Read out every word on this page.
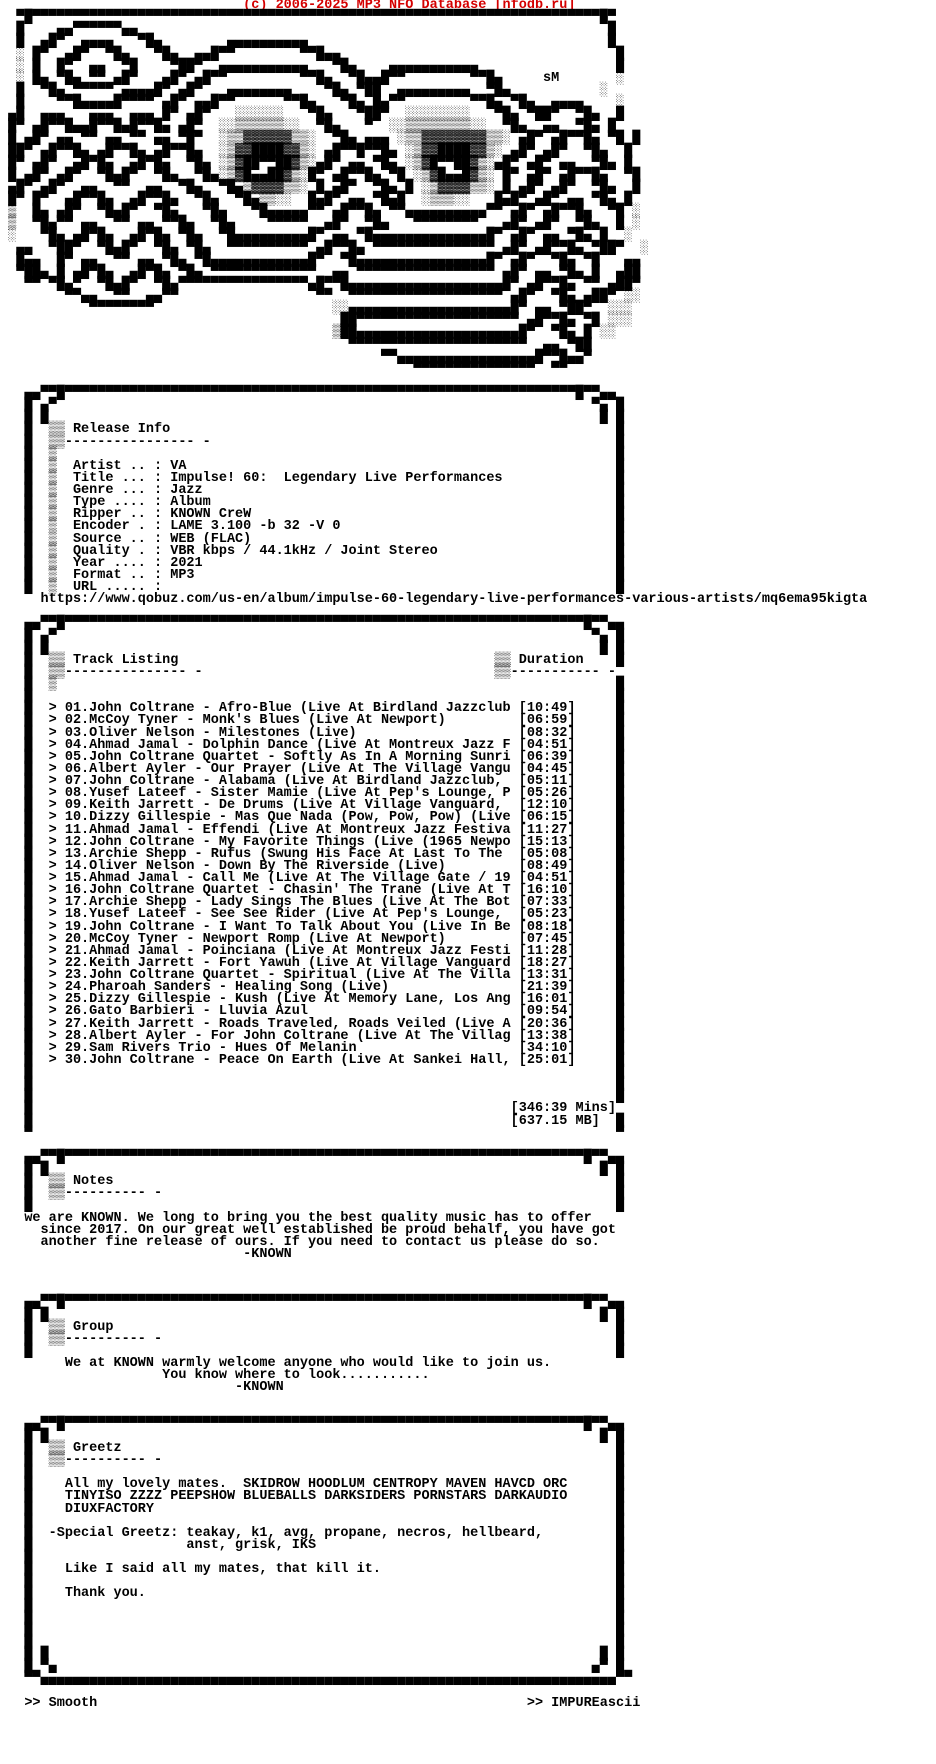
(c) 2006-2025 MP3 NFO Database [nfodb.ru]
▀█▀▀▀▀▀▀▀▀▀▀▀▀▀▀▀▀▀▀▀▀▀▀▀▀▀▀▀▀▀▀▀▀▀▀▀▀▀▀▀▀▀▀▀▀▀▀▀▀▀▀▀▀▀▀▀▀▀▀▀▀▀▀▀▀▀▀▀▀▀▀█▀
█    ▄▄▀▀▀▀▀▀▄▄                                                          █
█  ▄█▀  ▄▄▄▄   ▀█▄        ▄▄▄▄▄▄▄▄▄▄                                     █
░ █▀  ▄█▀  ▀█▄   ▀█▄  ▄▄█▀▀        ▀▀█▄▄                                  █
░ █  █▀  ▄▄  ▀█    ▀██▀  ▄▄▄▄▄▄▄▄▄▄▄   ▀█▄    ▄▄▄▄▄▄▄▄▄▄▄                 █
░ █▄ ▀█▄ ▀▀ ▄█▀   ▄█▀ ▄█▀▀         ▀▀█▄  ▀█▄▄█▀▀        ▀▀█▄     sM       ░
█  ▀█▄ ▀▀▀▀▀ ▄▄▄▄█▀ ▄█▀   ▄▄▄▄▄▄▄▄    ▀█▄ ▀██  ▄▄▄▄▄▄▄▄▄  ▀█▄           ░
█    ▀▀█▄▄▄▄█▀▀▀▀ ▄█▀ ▄▄█▀▀      ▀▀█▄   ▀█▄ █▄▀▀        ▀▀█▄ ▀█▄  ▄▄▄▄    ░
▄█  ▄▄▄   ▄▄▄  ▄▄▄ █▀ ▄█▀   ░░░░░░   ▀█▄   ▀██▀  ░░░░░░░░   ▀█▄ ▀██▀  ▀█▄  █
█▀ ▄█▀▀█▄▄█▀▀█▄█▀▀█▄ ▄█▀  ░░▒▒▒▒▒▒░░  ▀█▄   ▀  ░░▒▒▒▒▒▒▒▒░░  ▀█▄  ▄▄  ▀█▄ █
█ ▄█▀ ▄▄ ▀▀ ▄▄ ▀▀ ▄▄ ▀█▀  ░▒▒▓▓▓▓▓▓▒▒░  ▀█▄ ▄▄▄ ░▒▒▓▓▓▓▓▓▓▓▒▒░ ▄█▀ ▄█▀▀█▄ ▀█ █
██▀ ▄█▀▀█▄ ▄█▀▀█▄ ▄█▀▀█▄  ░▒▓▓████▓▓▒░ ▄█▀▀█▀▀█▄ ░▒▓▓████▓▓▒░ ▄█▀ ▄█▀  ▀█▄  █
█▀ ▄█▀  ▄█▀█▄  ▄█▀█▄  ▀█▄ ░▒▓██▀▀██▓▒░▄█▀ ▄▄ ▀█▄ ░▒▓█▀▀██▓▒░▄█▀ ▄█▀ ▄▄  ▀█▄ █
█ ▄█▀ ▄█▀  ▀█▄█▀  ▀█▄  ▀█▄░▒▓█▄▄██▓▒░█▀ ▄█▀▀█▄ ▀█ ░▒▓█▄▄█▓▒░ █▀ ▄█▀ ▄█▀▀█▄  ▀█
▄█▀ ▄█▀  ▄▄  ▀▀  ▄▄  ▀█▄  ▀█▄▒▓▓▓▓▒▒░ █ ▄█▀  ▀█▄ █ ░▒▓▓▓▓▒▒░ █ ▄█▀ ▄█▀  ▀█▄  █
█▀ █▀  ▄█▀▀█▄  ▄█▀▀█▄  ▀█▄  ▀█▄▒▒░░  █▄█▀ ▄▄ ▀█▄█  ░▒▒▒░░   █▄█▀ ▄█▀ ▄▄ ▀█▄ █
▒  █▄ ▄█▀  ▀█▄█▀  ▀█▄   ▀█▄   ▀█▄▄▄▄▄▀▀ ▄█▀▀█▄ ▀▀▄▄▄▄▄▄▄▄▄▄▀▀ ▄█▀ ▄█▀▀█▄  ▀█ ░
▒  ▀█▄▀▀ ▄▄  ▀▀ ▄▄ ▀▀█▄  ▀█▄    ▀▀▀▀▀  ▄█▀  ▀█▄   ▀▀▀▀▀▀▀▀   ▄█▀ ▄█▀  ▀█▄  █ ░
░   ▀█▄ ▄█▀█▄  ▄█▀█▄ ▀█▄  ▀█▄▄▄▄▄▄▄▄▄█▀ ▄▄ ▀█▄▄▄▄▄▄▄▄▄▄▄▄▄▄█▀ ▄█▀ ▄▄ ▀█▄ █  ░
▄▄  ▀██▀  ▀█▄█▀  ▀█▄ ▀█▄  ▀▀▀▀▀▀▀▀▀▀ ▄█▀▀█▄ ▀▀▀▀▀▀▀▀▀▀▀▀▀▀▀ ▄█▀ ▄█▀▀█▄ ▀██▀  ░
█▄▄  █▀ ▄▄  ▀▀ ▄▄ ▀█▄ ▀█▄▄▄▄▄▄▄▄▄▄▄▄█▀  ▀█▄▄▄▄▄▄▄▄▄▄▄▄▄▄▄▄█▀ ▄█▀  ▀█▄ ▀█   ▄▄
▀██▄ █ ▄█▀█▄  ▄█▀█▄ ▀█▄ ▀▀▀▀▀▀▀▀▀▀▀▀▀  ▄▄ ▀▀▀▀▀▀▀▀▀▀▀▀▀▀▀▀▀ ▄█▀ ▄▄ ▀█▄ █  ▄██
▀▀ ▀█▄▀  ▀█▄█▀  ▀█▄▀▀▀▀▀▀▀▀▀▀▀▀▀▀▀▀▄█▀▀█▄▄▄▄▄▄▄▄▄▄▄▄▄▄▄▄▄▄▄█▀ ▄█▀▀█▄ ▀▀ ▄██▀
▀▀▄▄  ▀▀  ▄▄▀▀                 ▀▀  ▀▀▀▀▀▀▀▀▀▀▀▀▀▀▀▀▀▀▀ ▄█▀  ▀█▄ ▄██▀ ░░
▀▀▀▀▀▀▀▀                      ░░▄▄▄▄▄▄▄▄▄▄▄▄▄▄▄▄▄▄▄▄█▀ ▄▄ ▀██▀  ░░░
██▀▀▀▀▀▀▀▀▀▀▀▀▀▀▀▀▀▀▀▀ ▄█▀▀█▄ ▀█ ░░░
▒██▄▄▄▄▄▄▄▄▄▄▄▄▄▄▄▄▄▄▄▄█▀  ▀█▄ █ ░░
▀▀▀▀▀▀▀▀▀▀▀▀▀▀▀▀▀▀▀▀▀▀  ▄▄ ▀██
▀▀▄▄▄▄▄▄▄▄▄▄▄▄▄▄▄▄▄█▀▀█▄▄▀
▀▀▀▀▀▀▀▀▀▀▀▀▀▀▀  ▀▀

▄▄▀▀█▀▀▀▀▀▀▀▀▀▀▀▀▀▀▀▀▀▀▀▀▀▀▀▀▀▀▀▀▀▀▀▀▀▀▀▀▀▀▀▀▀▀▀▀▀▀▀▀▀▀▀▀▀▀▀▀▀▀▀▀▀▀▀█▀▀▄▄
█ ▄▀                                                                  ▀▄ █
█ █                                                                    █ █
█  ▒▒ Release Info                                                       █
█  ▒▒---------------- -                                                  █
█  ▒                                                                     █
█  ▒  Artist .. : VA                                                     █
█  ▒  Title ... : Impulse! 60:  Legendary Live Performances              █
█  ▒  Genre ... : Jazz                                                   █
█  ▒  Type .... : Album                                                  █
█  ▒  Ripper .. : KNOWN CreW                                             █
█  ▒  Encoder . : LAME 3.100 -b 32 -V 0                                  █
█  ▒  Source .. : WEB (FLAC)                                             █
█  ▒  Quality . : VBR kbps / 44.1kHz / Joint Stereo                      █
█  ▒  Year .... : 2021                                                   █
█  ▒  Format .. : MP3                                                    █
█  ▒  URL ..... :                                                        █
https://www.qobuz.com/us-en/album/impulse-60-legendary-live-performances-various-artists/mq6ema95kigta

▄▄▀▀█▀▀▀▀▀▀▀▀▀▀▀▀▀▀▀▀▀▀▀▀▀▀▀▀▀▀▀▀▀▀▀▀▀▀▀▀▀▀▀▀▀▀▀▀▀▀▀▀▀▀▀▀▀▀▀▀▀▀▀▀▀▀▀▀█▀▀▄▄
█ ▄▀                                                                  ▀▄ █
█ █                                                                    █ █
█  ▒▒ Track Listing                                       ▒▒ Duration    █
█  ▒▒--------------- -                                    ▒▒----------- -
█  ▒                                                                     █
█                                                                        █
█  > 01.John Coltrane - Afro-Blue (Live At Birdland Jazzclub [10:49]     █
█  > 02.McCoy Tyner - Monk's Blues (Live At Newport)         [06:59]     █
█  > 03.Oliver Nelson - Milestones (Live)                    [08:32]     █
█  > 04.Ahmad Jamal - Dolphin Dance (Live At Montreux Jazz F [04:51]     █
█  > 05.John Coltrane Quartet - Softly As In A Morning Sunri [06:39]     █
█  > 06.Albert Ayler - Our Prayer (Live At The Village Vangu [04:45]     █
█  > 07.John Coltrane - Alabama (Live At Birdland Jazzclub,  [05:11]     █
█  > 08.Yusef Lateef - Sister Mamie (Live At Pep's Lounge, P [05:26]     █
█  > 09.Keith Jarrett - De Drums (Live At Village Vanguard,  [12:10]     █
█  > 10.Dizzy Gillespie - Mas Que Nada (Pow, Pow, Pow) (Live [06:15]     █
█  > 11.Ahmad Jamal - Effendi (Live At Montreux Jazz Festiva [11:27]     █
█  > 12.John Coltrane - My Favorite Things (Live (1965 Newpo [15:13]     █
█  > 13.Archie Shepp - Rufus (Swung His Face At Last To The  [05:08]     █
█  > 14.Oliver Nelson - Down By The Riverside (Live)         [08:49]     █
█  > 15.Ahmad Jamal - Call Me (Live At The Village Gate / 19 [04:51]     █
█  > 16.John Coltrane Quartet - Chasin' The Trane (Live At T [16:10]     █
█  > 17.Archie Shepp - Lady Sings The Blues (Live At The Bot [07:33]     █
█  > 18.Yusef Lateef - See See Rider (Live At Pep's Lounge,  [05:23]     █
█  > 19.John Coltrane - I Want To Talk About You (Live In Be [08:18]     █
█  > 20.McCoy Tyner - Newport Romp (Live At Newport)         [07:45]     █
█  > 21.Ahmad Jamal - Poinciana (Live At Montreux Jazz Festi [11:28]     █
█  > 22.Keith Jarrett - Fort Yawuh (Live At Village Vanguard [18:27]     █
█  > 23.John Coltrane Quartet - Spiritual (Live At The Villa [13:31]     █
█  > 24.Pharoah Sanders - Healing Song (Live)                [21:39]     █
█  > 25.Dizzy Gillespie - Kush (Live At Memory Lane, Los Ang [16:01]     █
█  > 26.Gato Barbieri - Lluvia Azul                          [09:54]     █
█  > 27.Keith Jarrett - Roads Traveled, Roads Veiled (Live A [20:36]     █
█  > 28.Albert Ayler - For John Coltrane (Live At The Villag [13:38]     █
█  > 29.Sam Rivers Trio - Hues Of Melanin                    [34:10]     █
█  > 30.John Coltrane - Peace On Earth (Live At Sankei Hall, [25:01]     █
█                                                                        █
█                                                                        █
█                                                                        █
█                                                           [346:39 Mins]
█                                                           [637.15 MB]  █
▀                                                                        ▀

▄▄▀▀█▀▀▀▀▀▀▀▀▀▀▀▀▀▀▀▀▀▀▀▀▀▀▀▀▀▀▀▀▀▀▀▀▀▀▀▀▀▀▀▀▀▀▀▀▀▀▀▀▀▀▀▀▀▀▀▀▀▀▀▀▀▀▀▀█▀▀▄▄
█ █                                                                    █ █
█  ▒▒ Notes                                                              █
█  ▒▒---------- -                                                        █
█                                                                        █
we are KNOWN. We long to bring you the best quality music has to offer
since 2017. On our great well established be proud behalf, you have got
another fine release of ours. If you need to contact us please do so.
-KNOWN

▄▄▀▀█▀▀▀▀▀▀▀▀▀▀▀▀▀▀▀▀▀▀▀▀▀▀▀▀▀▀▀▀▀▀▀▀▀▀▀▀▀▀▀▀▀▀▀▀▀▀▀▀▀▀▀▀▀▀▀▀▀▀▀▀▀▀▀▀█▀▀▄▄
█ █                                                                    █ █
█  ▒▒ Group                                                              █
█  ▒▒---------- -                                                        █
█                                                                        █
We at KNOWN warmly welcome anyone who would like to join us.
You know where to look...........
-KNOWN

▄▄▀▀█▀▀▀▀▀▀▀▀▀▀▀▀▀▀▀▀▀▀▀▀▀▀▀▀▀▀▀▀▀▀▀▀▀▀▀▀▀▀▀▀▀▀▀▀▀▀▀▀▀▀▀▀▀▀▀▀▀▀▀▀▀▀▀▀█▀▀▄▄
█ █                                                                    █ █
█  ▒▒ Greetz                                                             █
█  ▒▒---------- -                                                        █
█                                                                        █
█    All my lovely mates.  SKIDROW HOODLUM CENTROPY MAVEN HAVCD ORC      █
█    TINYISO ZZZZ PEEPSHOW BLUEBALLS DARKSIDERS PORNSTARS DARKAUDIO      █
█    DIUXFACTORY                                                         █
█                                                                        █
█  -Special Greetz: teakay, k1, avg, propane, necros, hellbeard,         █
█                   anst, grisk, IKS                                     █
█                                                                        █
█    Like I said all my mates, that kill it.                             █
█                                                                        █
█    Thank you.                                                          █
█                                                                        █
█                                                                        █
█                                                                        █
█                                                                        █
█ █                                                                    █ █
█ ▀▄                                                                  ▄▀ █
▀▀▄▄▄▄▄▄▄▄▄▄▄▄▄▄▄▄▄▄▄▄▄▄▄▄▄▄▄▄▄▄▄▄▄▄▄▄▄▄▄▄▄▄▄▄▄▄▄▄▄▄▄▄▄▄▄▄▄▄▄▄▄▄▄▄▄▄▄▄▄▄▄▀▀

>> Smooth                                                     >> IMPUREascii
